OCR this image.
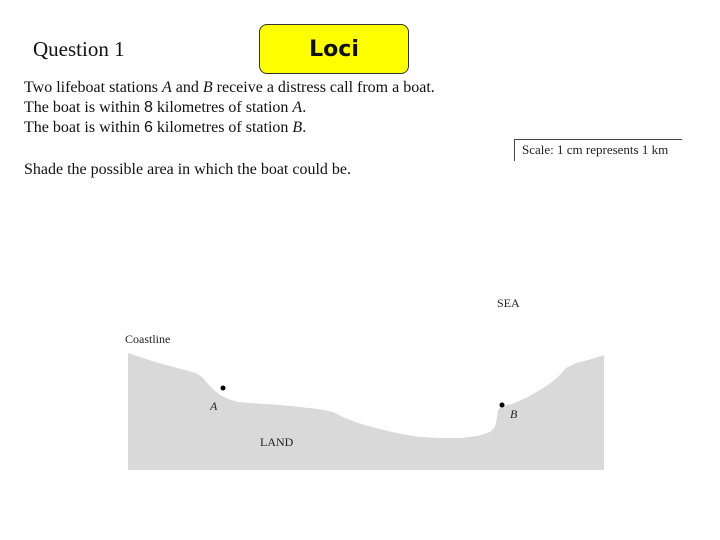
Question 1	Loci
Two lifeboat stations A and B receive a distress call from a boat.
The boat is within 8 kilometres of station A.
The boat is within 6 kilometres of station B.
Shade the possible area in which the boat could be.
Scale: 1 cm represents 1 km
SEA
Coastline
LAND
A
B
